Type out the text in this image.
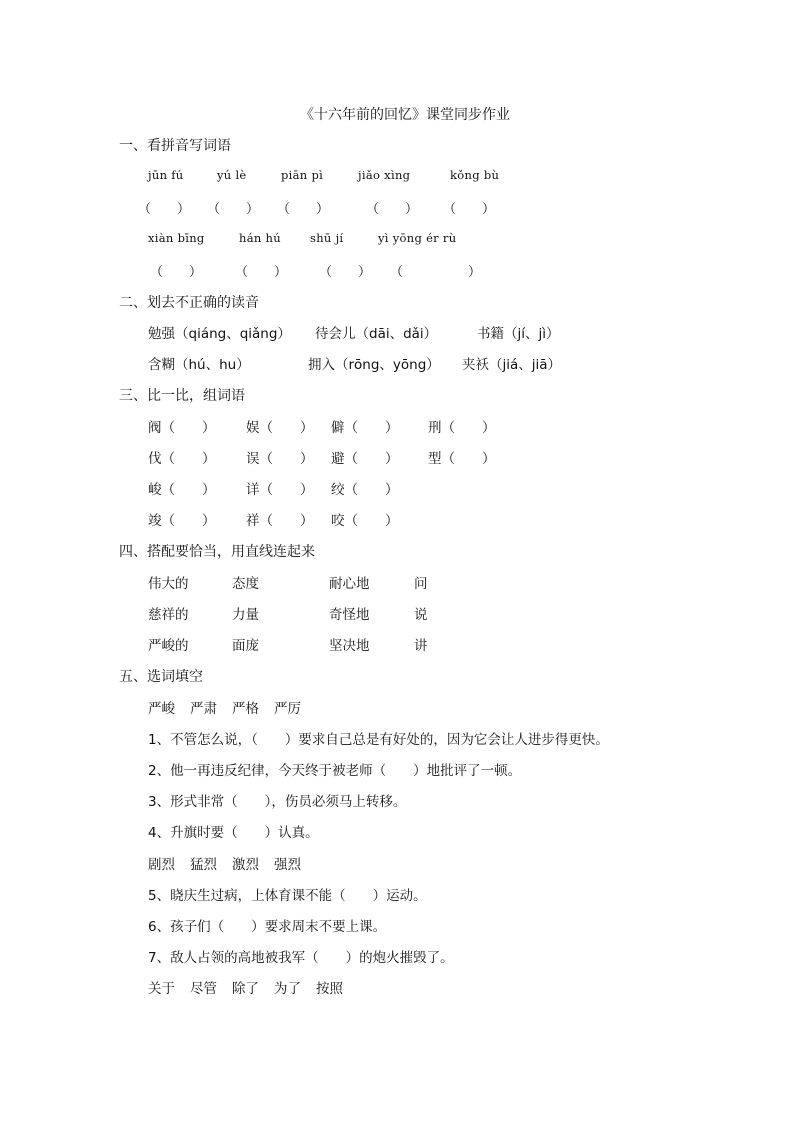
《十六年前的回忆》课堂同步作业
一、看拼音写词语
jūn fú	yú lè	piān pì	jiǎo xìng	kǒng bù
（　　） （　　） （　　）	（　　） （　　）
xiàn bīng	hán hú	shū jí	yì yōng ér rù
（　　）	（　　） （　　） （　　　　　）
二、划去不正确的读音
勉强（qiáng、qiǎng） 待会儿（dāi、dǎi）	书籍（jí、jì）
含糊（hú、hu）	拥入（rōng、yōng） 夹袄（jiá、jiā）
三、比一比，组词语
阀（　　） 娱（　　） 僻（　　） 刑（　　）
伐（　　） 误（　　） 避（　　） 型（　　）
峻（　　） 详（　　） 绞（　　）
竣（　　） 祥（　　） 咬（　　）
四、搭配要恰当，用直线连起来
伟大的	态度	耐心地	问
慈祥的	力量	奇怪地	说
严峻的	面庞	坚决地	讲
五、选词填空
严峻 严肃 严格 严厉
1、不管怎么说，（　　）要求自己总是有好处的，因为它会让人进步得更快。
2、他一再违反纪律，今天终于被老师（　　）地批评了一顿。
3、形式非常（　　），伤员必须马上转移。
4、升旗时要（　　）认真。
剧烈 猛烈 激烈 强烈
5、晓庆生过病，上体育课不能（　　）运动。
6、孩子们（　　）要求周末不要上课。
7、敌人占领的高地被我军（　　）的炮火摧毁了。
关于 尽管 除了 为了 按照
